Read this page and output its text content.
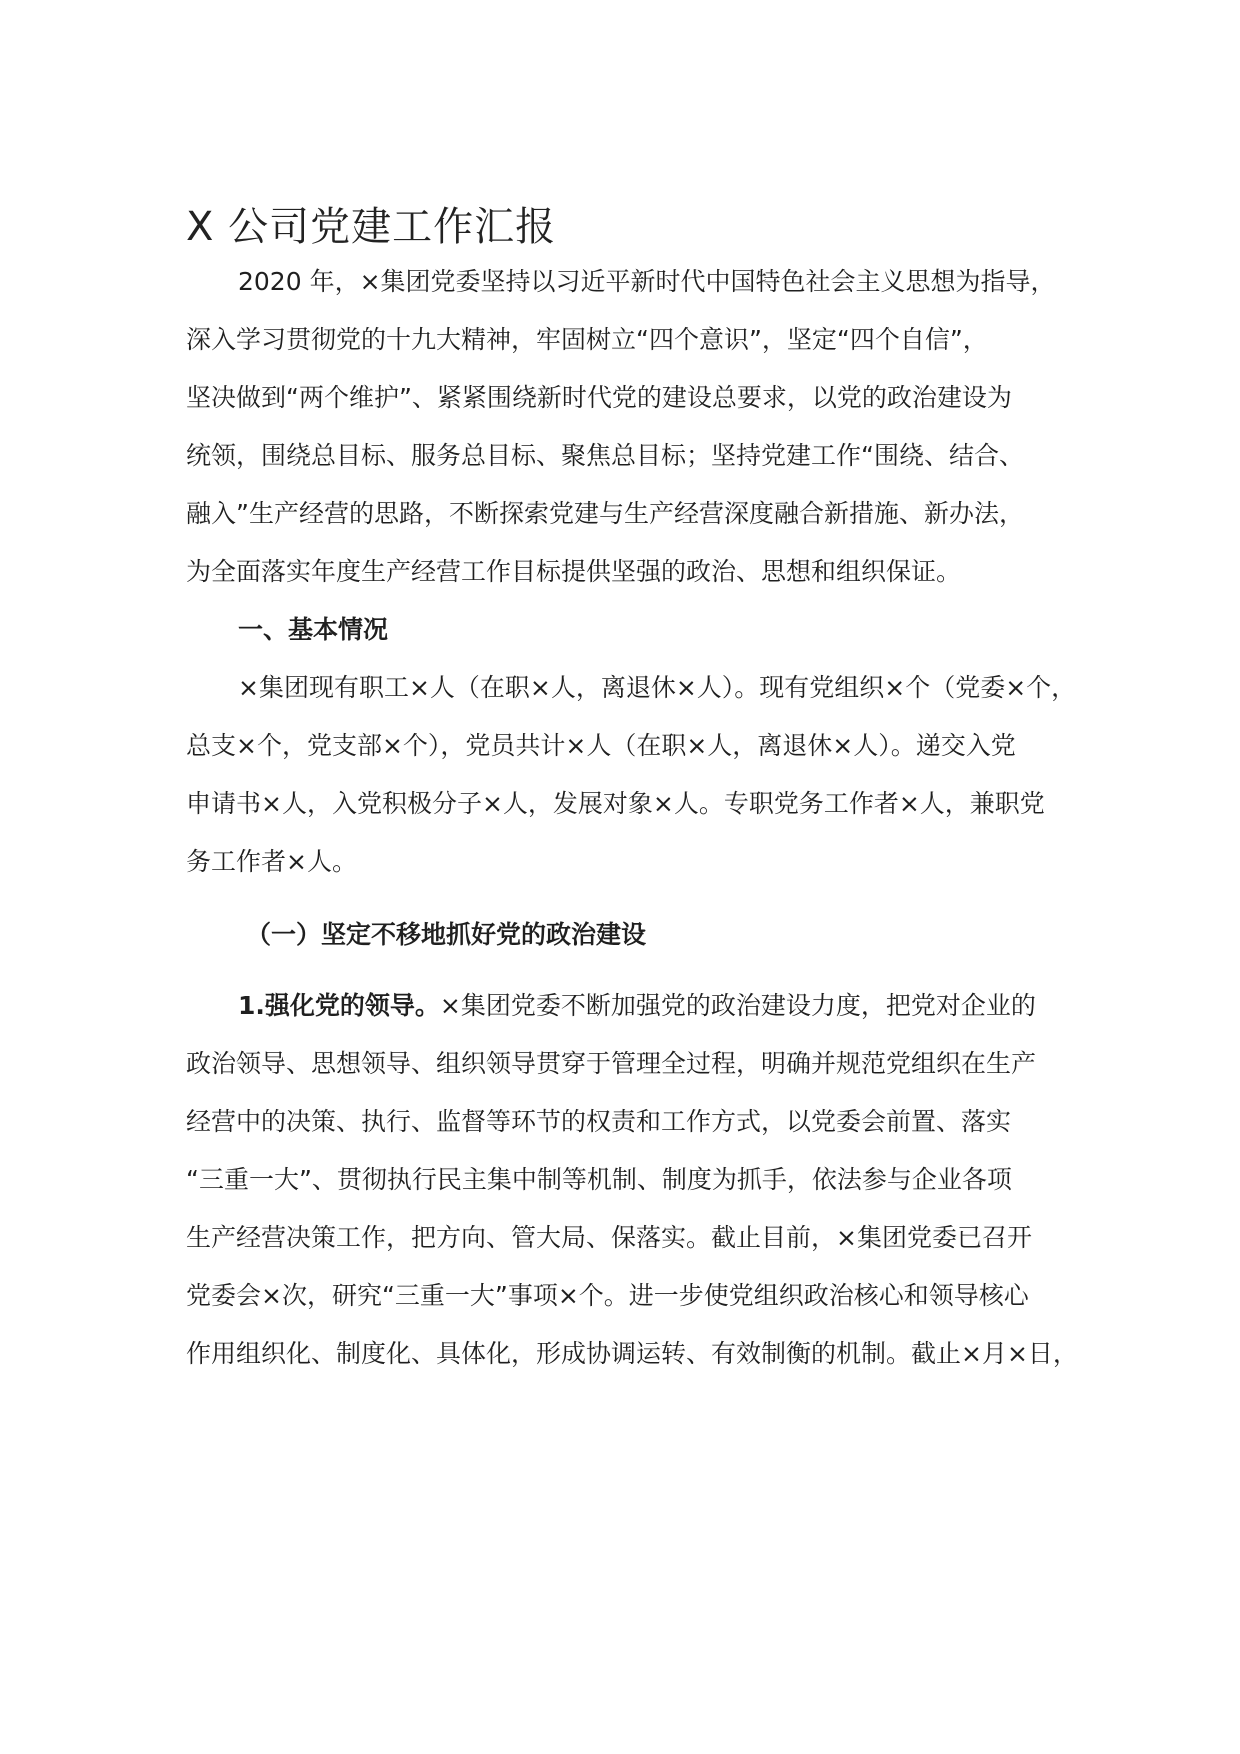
X 公司党建工作汇报
2020 年，×集团党委坚持以习近平新时代中国特色社会主义思想为指导，
深入学习贯彻党的十九大精神，牢固树立“四个意识”，坚定“四个自信”，
坚决做到“两个维护”、紧紧围绕新时代党的建设总要求，以党的政治建设为
统领，围绕总目标、服务总目标、聚焦总目标；坚持党建工作“围绕、结合、
融入”生产经营的思路，不断探索党建与生产经营深度融合新措施、新办法，
为全面落实年度生产经营工作目标提供坚强的政治、思想和组织保证。
一、基本情况
×集团现有职工×人（在职×人，离退休×人）。现有党组织×个（党委×个，
总支×个，党支部×个），党员共计×人（在职×人，离退休×人）。递交入党
申请书×人，入党积极分子×人，发展对象×人。专职党务工作者×人，兼职党
务工作者×人。
（一）坚定不移地抓好党的政治建设
1.强化党的领导。×集团党委不断加强党的政治建设力度，把党对企业的
政治领导、思想领导、组织领导贯穿于管理全过程，明确并规范党组织在生产
经营中的决策、执行、监督等环节的权责和工作方式，以党委会前置、落实
“三重一大”、贯彻执行民主集中制等机制、制度为抓手，依法参与企业各项
生产经营决策工作，把方向、管大局、保落实。截止目前，×集团党委已召开
党委会×次，研究“三重一大”事项×个。进一步使党组织政治核心和领导核心
作用组织化、制度化、具体化，形成协调运转、有效制衡的机制。截止×月×日，
